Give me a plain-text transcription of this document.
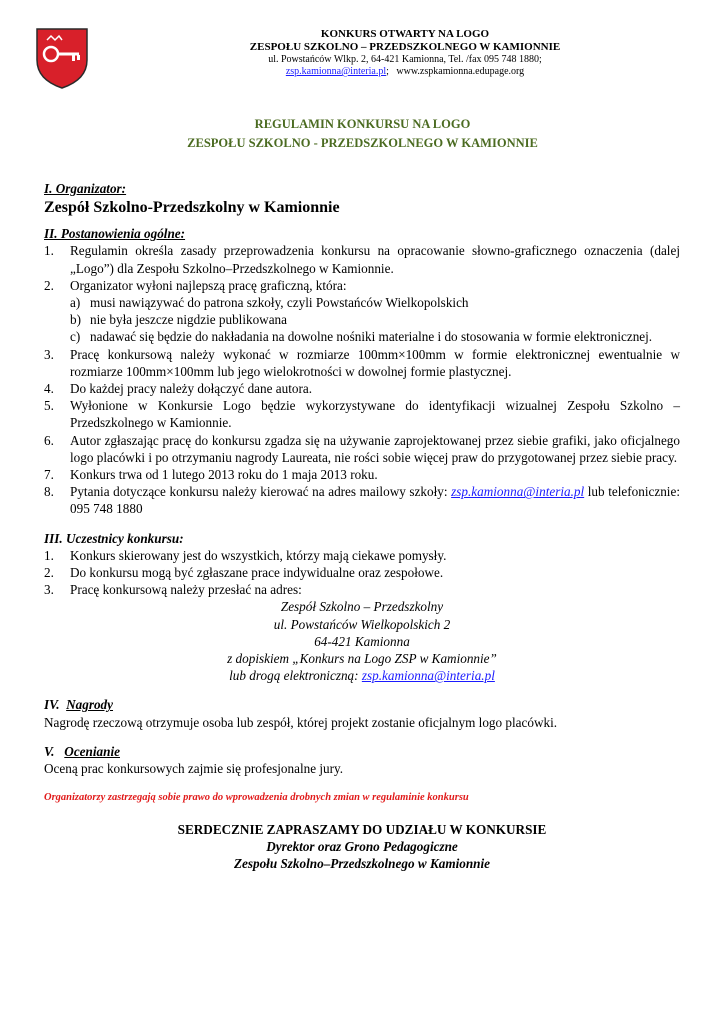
KONKURS OTWARTY NA LOGO
ZESPOŁU SZKOLNO – PRZEDSZKOLNEGO W KAMIONNIE
ul. Powstańców Wlkp. 2, 64-421 Kamionna, Tel. /fax 095 748 1880;
zsp.kamionna@interia.pl; www.zspkamionna.edupage.org
REGULAMIN KONKURSU NA LOGO
ZESPOŁU SZKOLNO - PRZEDSZKOLNEGO W KAMIONNIE
I. Organizator:
Zespół Szkolno-Przedszkolny w Kamionnie
II. Postanowienia ogólne:
1.	Regulamin określa zasady przeprowadzenia konkursu na opracowanie słowno-graficznego oznaczenia (dalej „Logo”) dla Zespołu Szkolno–Przedszkolnego w Kamionnie.
2.	Organizator wyłoni najlepszą pracę graficzną, która:
a) musi nawiązywać do patrona szkoły, czyli Powstańców Wielkopolskich
b) nie była jeszcze nigdzie publikowana
c) nadawać się będzie do nakładania na dowolne nośniki materialne i do stosowania w formie elektronicznej.
3.	Pracę konkursową należy wykonać w rozmiarze 100mm×100mm w formie elektronicznej ewentualnie w rozmiarze 100mm×100mm lub jego wielokrotności w dowolnej formie plastycznej.
4.	Do każdej pracy należy dołączyć dane autora.
5.	Wyłonione w Konkursie Logo będzie wykorzystywane do identyfikacji wizualnej Zespołu Szkolno – Przedszkolnego w Kamionnie.
6.	Autor zgłaszając pracę do konkursu zgadza się na używanie zaprojektowanej przez siebie grafiki, jako oficjalnego logo placówki i po otrzymaniu nagrody Laureata, nie rości sobie więcej praw do przygotowanej przez siebie pracy.
7.	Konkurs trwa od 1 lutego 2013 roku do 1 maja 2013 roku.
8.	Pytania dotyczące konkursu należy kierować na adres mailowy szkoły: zsp.kamionna@interia.pl lub telefonicznie: 095 748 1880
III. Uczestnicy konkursu:
1.	Konkurs skierowany jest do wszystkich, którzy mają ciekawe pomysły.
2.	Do konkursu mogą być zgłaszane prace indywidualne oraz zespołowe.
3.	Pracę konkursową należy przesłać na adres:
Zespół Szkolno – Przedszkolny
ul. Powstańców Wielkopolskich 2
64-421 Kamionna
z dopiskiem „Konkurs na Logo ZSP w Kamionnie”
lub drogą elektroniczną: zsp.kamionna@interia.pl
IV. Nagrody
Nagrodę rzeczową otrzymuje osoba lub zespół, której projekt zostanie oficjalnym logo placówki.
V. Ocenianie
Oceną prac konkursowych zajmie się profesjonalne jury.
Organizatorzy zastrzegają sobie prawo do wprowadzenia drobnych zmian w regulaminie konkursu
SERDECZNIE ZAPRASZAMY DO UDZIAŁU W KONKURSIE
Dyrektor oraz Grono Pedagogiczne
Zespołu Szkolno–Przedszkolnego w Kamionnie
